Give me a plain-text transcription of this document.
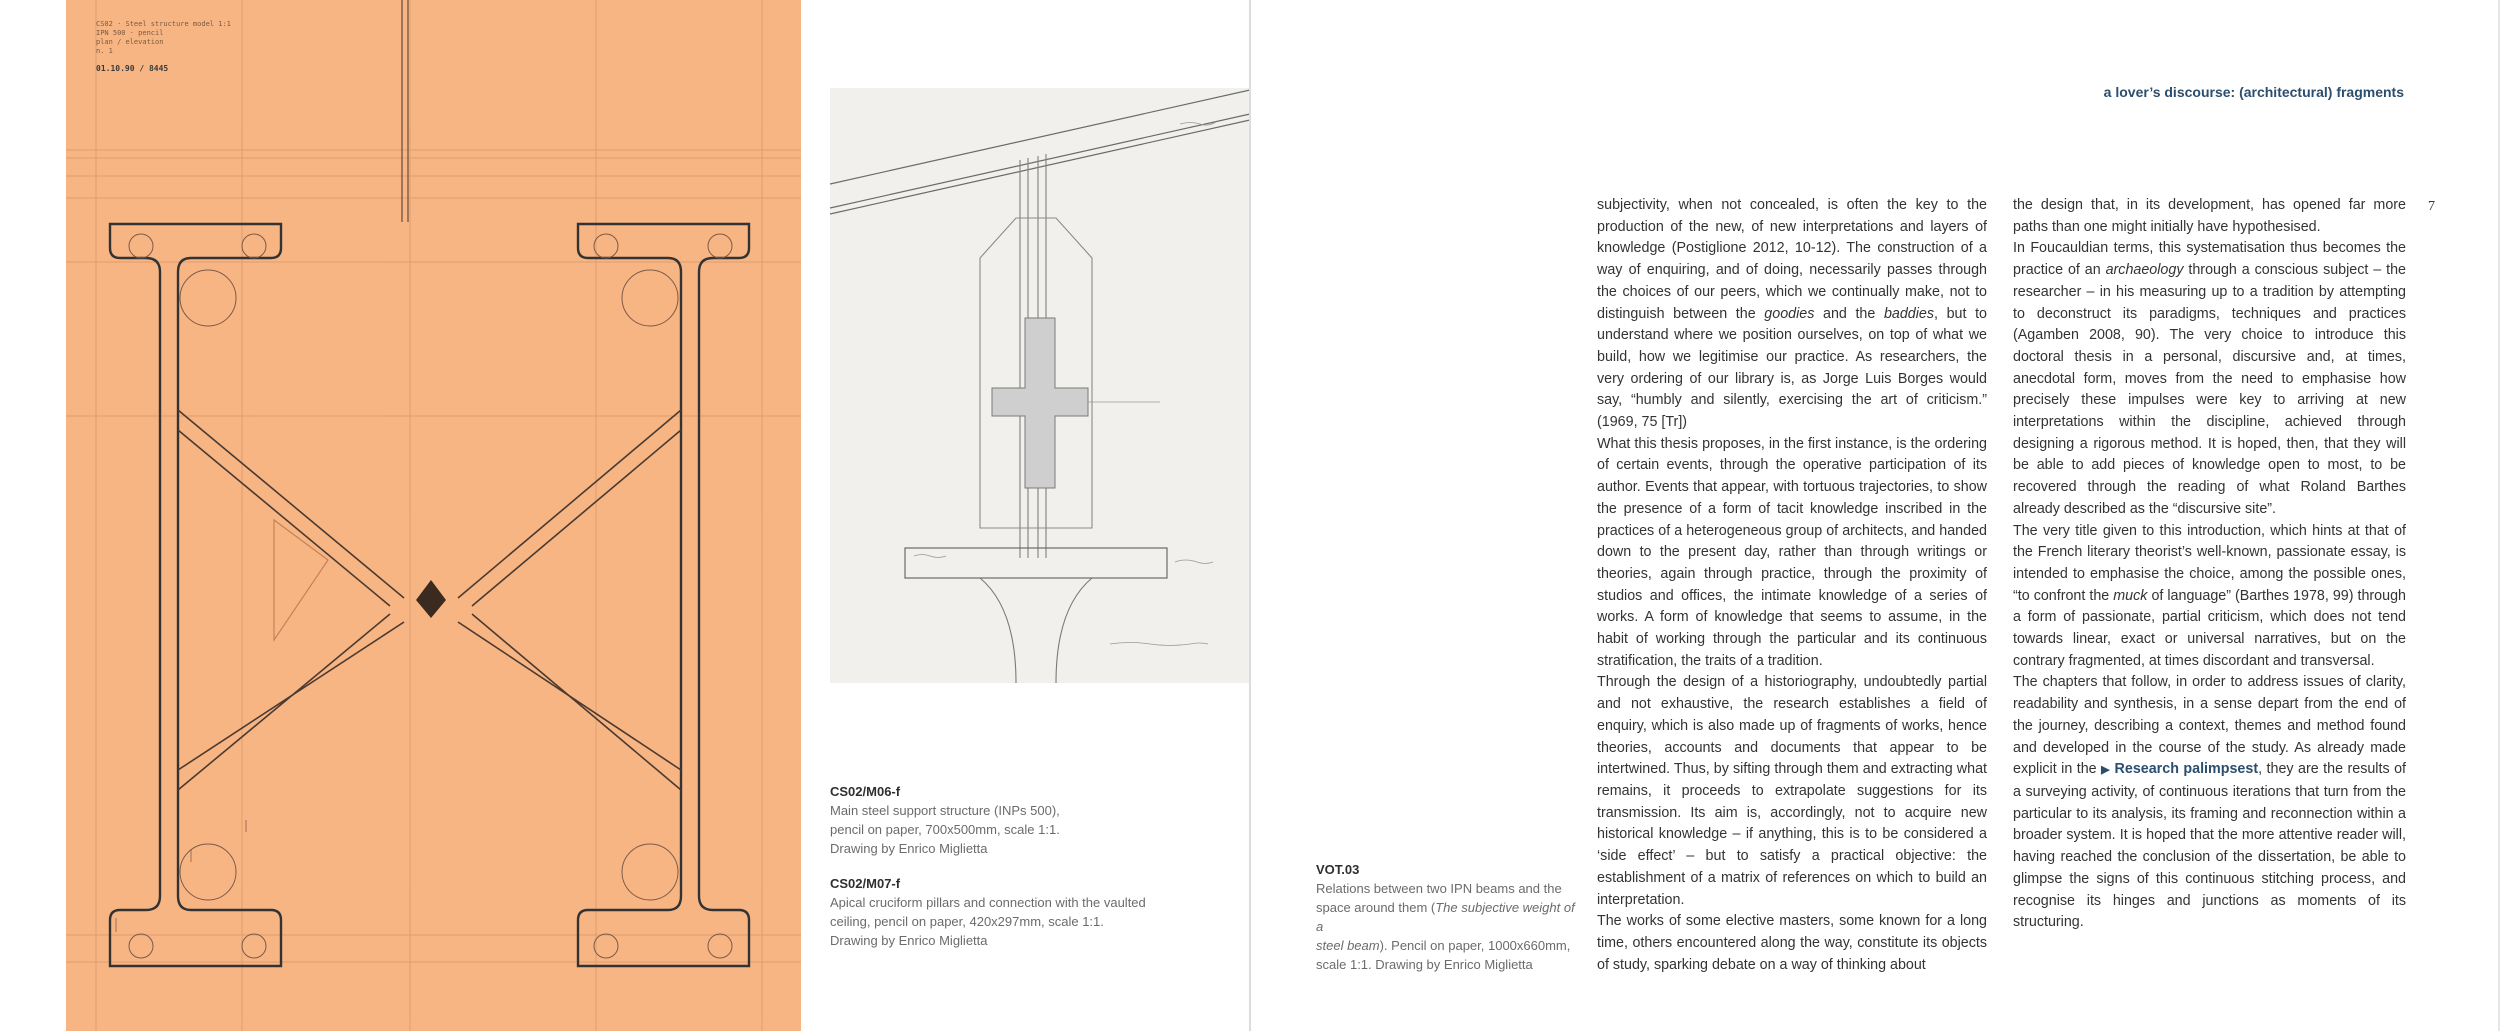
CS02 · Steel structure model 1:1
IPN 500 · pencil
plan / elevation
n. 1
01.10.90 / 8445
CS02/M06-f
Main steel support structure (INPs 500),
pencil on paper, 700x500mm, scale 1:1.
Drawing by Enrico Miglietta
CS02/M07-f
Apical cruciform pillars and connection with the vaulted
ceiling, pencil on paper, 420x297mm, scale 1:1.
Drawing by Enrico Miglietta
a lover’s discourse: (architectural) fragments
7
VOT.03
Relations between two IPN beams and the
space around them (The subjective weight of a
steel beam). Pencil on paper, 1000x660mm,
scale 1:1. Drawing by Enrico Miglietta

subjectivity, when not concealed, is often the key to the production of the new, of new interpretations and layers of knowledge (Postiglione 2012, 10-12). The construction of a way of enquiring, and of doing, necessarily passes through the choices of our peers, which we continually make, not to distinguish between the goodies and the baddies, but to understand where we position ourselves, on top of what we build, how we legitimise our practice. As researchers, the very ordering of our library is, as Jorge Luis Borges would say, “humbly and silently, exercising the art of criticism.” (1969, 75 [Tr])

What this thesis proposes, in the first instance, is the ordering of certain events, through the operative participation of its author. Events that appear, with tortuous trajectories, to show the presence of a form of tacit knowledge inscribed in the practices of a heterogeneous group of architects, and handed down to the present day, rather than through writings or theories, again through practice, through the proximity of studios and offices, the intimate knowledge of a series of works. A form of knowledge that seems to assume, in the habit of working through the particular and its continuous stratification, the traits of a tradition.

Through the design of a historiography, undoubtedly partial and not exhaustive, the research establishes a field of enquiry, which is also made up of fragments of works, hence theories, accounts and documents that appear to be intertwined. Thus, by sifting through them and extracting what remains, it proceeds to extrapolate suggestions for its transmission. Its aim is, accordingly, not to acquire new historical knowledge – if anything, this is to be considered a ‘side effect’ – but to satisfy a practical objective: the establishment of a matrix of references on which to build an interpretation.

The works of some elective masters, some known for a long time, others encountered along the way, constitute its objects of study, sparking debate on a way of thinking about

the design that, in its development, has opened far more paths than one might initially have hypothesised.

In Foucauldian terms, this systematisation thus becomes the practice of an archaeology through a conscious subject – the researcher – in his measuring up to a tradition by attempting to deconstruct its paradigms, techniques and practices (Agamben 2008, 90). The very choice to introduce this doctoral thesis in a personal, discursive and, at times, anecdotal form, moves from the need to emphasise how precisely these impulses were key to arriving at new interpretations within the discipline, achieved through designing a rigorous method. It is hoped, then, that they will be able to add pieces of knowledge open to most, to be recovered through the reading of what Roland Barthes already described as the “discursive site”.

The very title given to this introduction, which hints at that of the French literary theorist’s well-known, passionate essay, is intended to emphasise the choice, among the possible ones, “to confront the muck of language” (Barthes 1978, 99) through a form of passionate, partial criticism, which does not tend towards linear, exact or universal narratives, but on the contrary fragmented, at times discordant and transversal.

The chapters that follow, in order to address issues of clarity, readability and synthesis, in a sense depart from the end of the journey, describing a context, themes and method found and developed in the course of the study. As already made explicit in the ▶ Research palimpsest, they are the results of a surveying activity, of continuous iterations that turn from the particular to its analysis, its framing and reconnection within a broader system. It is hoped that the more attentive reader will, having reached the conclusion of the dissertation, be able to glimpse the signs of this continuous stitching process, and recognise its hinges and junctions as moments of its structuring.
